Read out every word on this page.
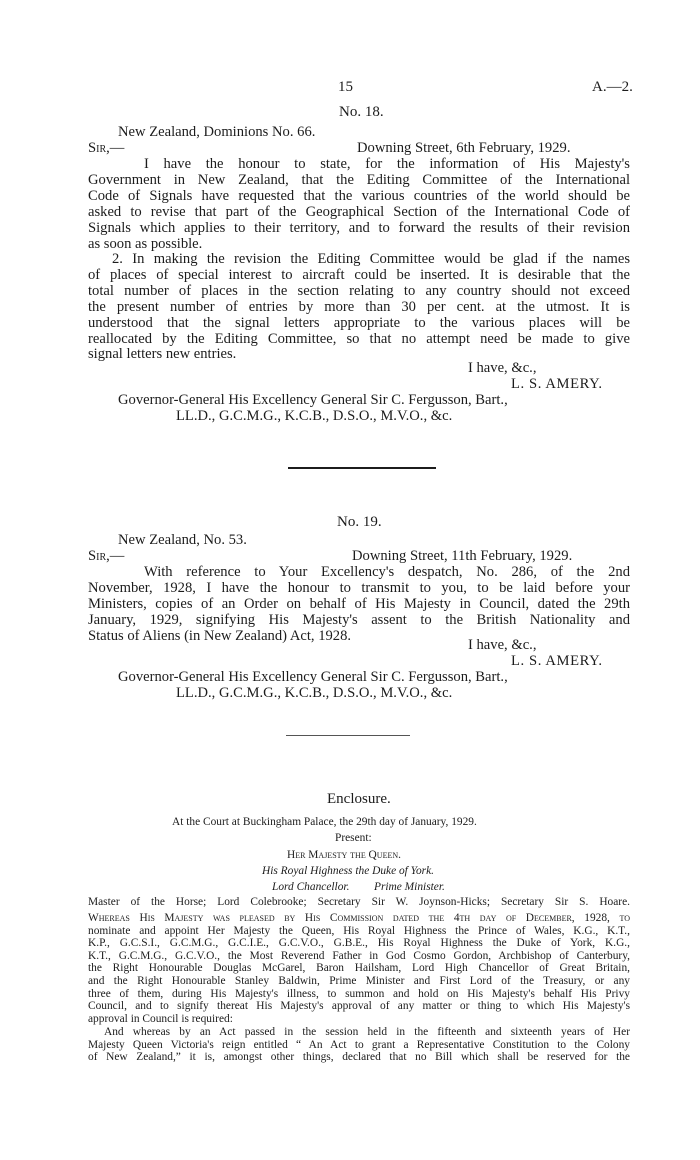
15	A.—2.
No. 18.
New Zealand, Dominions No. 66.
Sir,—	Downing Street, 6th February, 1929.
I have the honour to state, for the information of His Majesty's
Government in New Zealand, that the Editing Committee of the International
Code of Signals have requested that the various countries of the world should be
asked to revise that part of the Geographical Section of the International Code of
Signals which applies to their territory, and to forward the results of their revision
as soon as possible.
2. In making the revision the Editing Committee would be glad if the names
of places of special interest to aircraft could be inserted. It is desirable that the
total number of places in the section relating to any country should not exceed
the present number of entries by more than 30 per cent. at the utmost. It is
understood that the signal letters appropriate to the various places will be
reallocated by the Editing Committee, so that no attempt need be made to give
signal letters new entries.
I have, &c.,
L. S. AMERY.
Governor-General His Excellency General Sir C. Fergusson, Bart.,
LL.D., G.C.M.G., K.C.B., D.S.O., M.V.O., &c.
No. 19.
New Zealand, No. 53.
Sir,—	Downing Street, 11th February, 1929.
With reference to Your Excellency's despatch, No. 286, of the 2nd
November, 1928, I have the honour to transmit to you, to be laid before your
Ministers, copies of an Order on behalf of His Majesty in Council, dated the 29th
January, 1929, signifying His Majesty's assent to the British Nationality and
Status of Aliens (in New Zealand) Act, 1928.
I have, &c.,
L. S. AMERY.
Governor-General His Excellency General Sir C. Fergusson, Bart.,
LL.D., G.C.M.G., K.C.B., D.S.O., M.V.O., &c.
Enclosure.
At the Court at Buckingham Palace, the 29th day of January, 1929.
Present:
Her Majesty the Queen.
His Royal Highness the Duke of York.
Lord Chancellor. Prime Minister.
Master of the Horse; Lord Colebrooke; Secretary Sir W. Joynson-Hicks; Secretary Sir S. Hoare.
Whereas His Majesty was pleased by His Commission dated the 4th day of December, 1928, to
nominate and appoint Her Majesty the Queen, His Royal Highness the Prince of Wales, K.G., K.T.,
K.P., G.C.S.I., G.C.M.G., G.C.I.E., G.C.V.O., G.B.E., His Royal Highness the Duke of York, K.G.,
K.T., G.C.M.G., G.C.V.O., the Most Reverend Father in God Cosmo Gordon, Archbishop of Canterbury,
the Right Honourable Douglas McGarel, Baron Hailsham, Lord High Chancellor of Great Britain,
and the Right Honourable Stanley Baldwin, Prime Minister and First Lord of the Treasury, or any
three of them, during His Majesty's illness, to summon and hold on His Majesty's behalf His Privy
Council, and to signify thereat His Majesty's approval of any matter or thing to which His Majesty's
approval in Council is required:
And whereas by an Act passed in the session held in the fifteenth and sixteenth years of Her
Majesty Queen Victoria's reign entitled “ An Act to grant a Representative Constitution to the Colony
of New Zealand,” it is, amongst other things, declared that no Bill which shall be reserved for the
